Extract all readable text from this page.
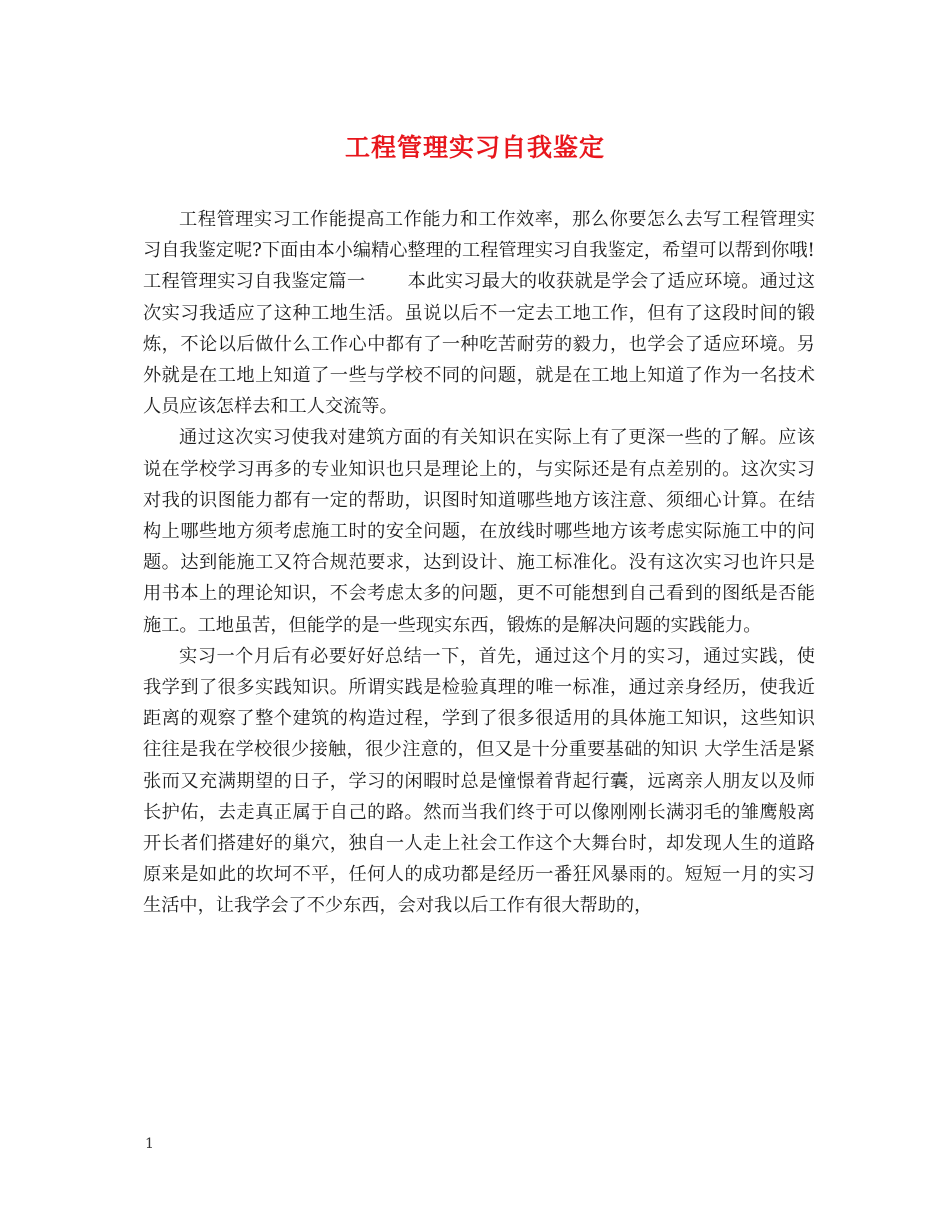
工程管理实习自我鉴定

工程管理实习工作能提高工作能力和工作效率，那么你要怎么去写工程管理实习自我鉴定呢?下面由本小编精心整理的工程管理实习自我鉴定，希望可以帮到你哦!

工程管理实习自我鉴定篇一 本此实习最大的收获就是学会了适应环境。通过这次实习我适应了这种工地生活。虽说以后不一定去工地工作，但有了这段时间的锻炼，不论以后做什么工作心中都有了一种吃苦耐劳的毅力，也学会了适应环境。另外就是在工地上知道了一些与学校不同的问题，就是在工地上知道了作为一名技术人员应该怎样去和工人交流等。

通过这次实习使我对建筑方面的有关知识在实际上有了更深一些的了解。应该说在学校学习再多的专业知识也只是理论上的，与实际还是有点差别的。这次实习对我的识图能力都有一定的帮助，识图时知道哪些地方该注意、须细心计算。在结构上哪些地方须考虑施工时的安全问题，在放线时哪些地方该考虑实际施工中的问题。达到能施工又符合规范要求，达到设计、施工标准化。没有这次实习也许只是用书本上的理论知识，不会考虑太多的问题，更不可能想到自己看到的图纸是否能施工。工地虽苦，但能学的是一些现实东西，锻炼的是解决问题的实践能力。

实习一个月后有必要好好总结一下，首先，通过这个月的实习，通过实践，使我学到了很多实践知识。所谓实践是检验真理的唯一标准，通过亲身经历，使我近距离的观察了整个建筑的构造过程，学到了很多很适用的具体施工知识，这些知识往往是我在学校很少接触，很少注意的，但又是十分重要基础的知识 大学生活是紧张而又充满期望的日子，学习的闲暇时总是憧憬着背起行囊，远离亲人朋友以及师长护佑，去走真正属于自己的路。然而当我们终于可以像刚刚长满羽毛的雏鹰般离开长者们搭建好的巢穴，独自一人走上社会工作这个大舞台时，却发现人生的道路原来是如此的坎坷不平，任何人的成功都是经历一番狂风暴雨的。短短一月的实习生活中，让我学会了不少东西，会对我以后工作有很大帮助的，

1
